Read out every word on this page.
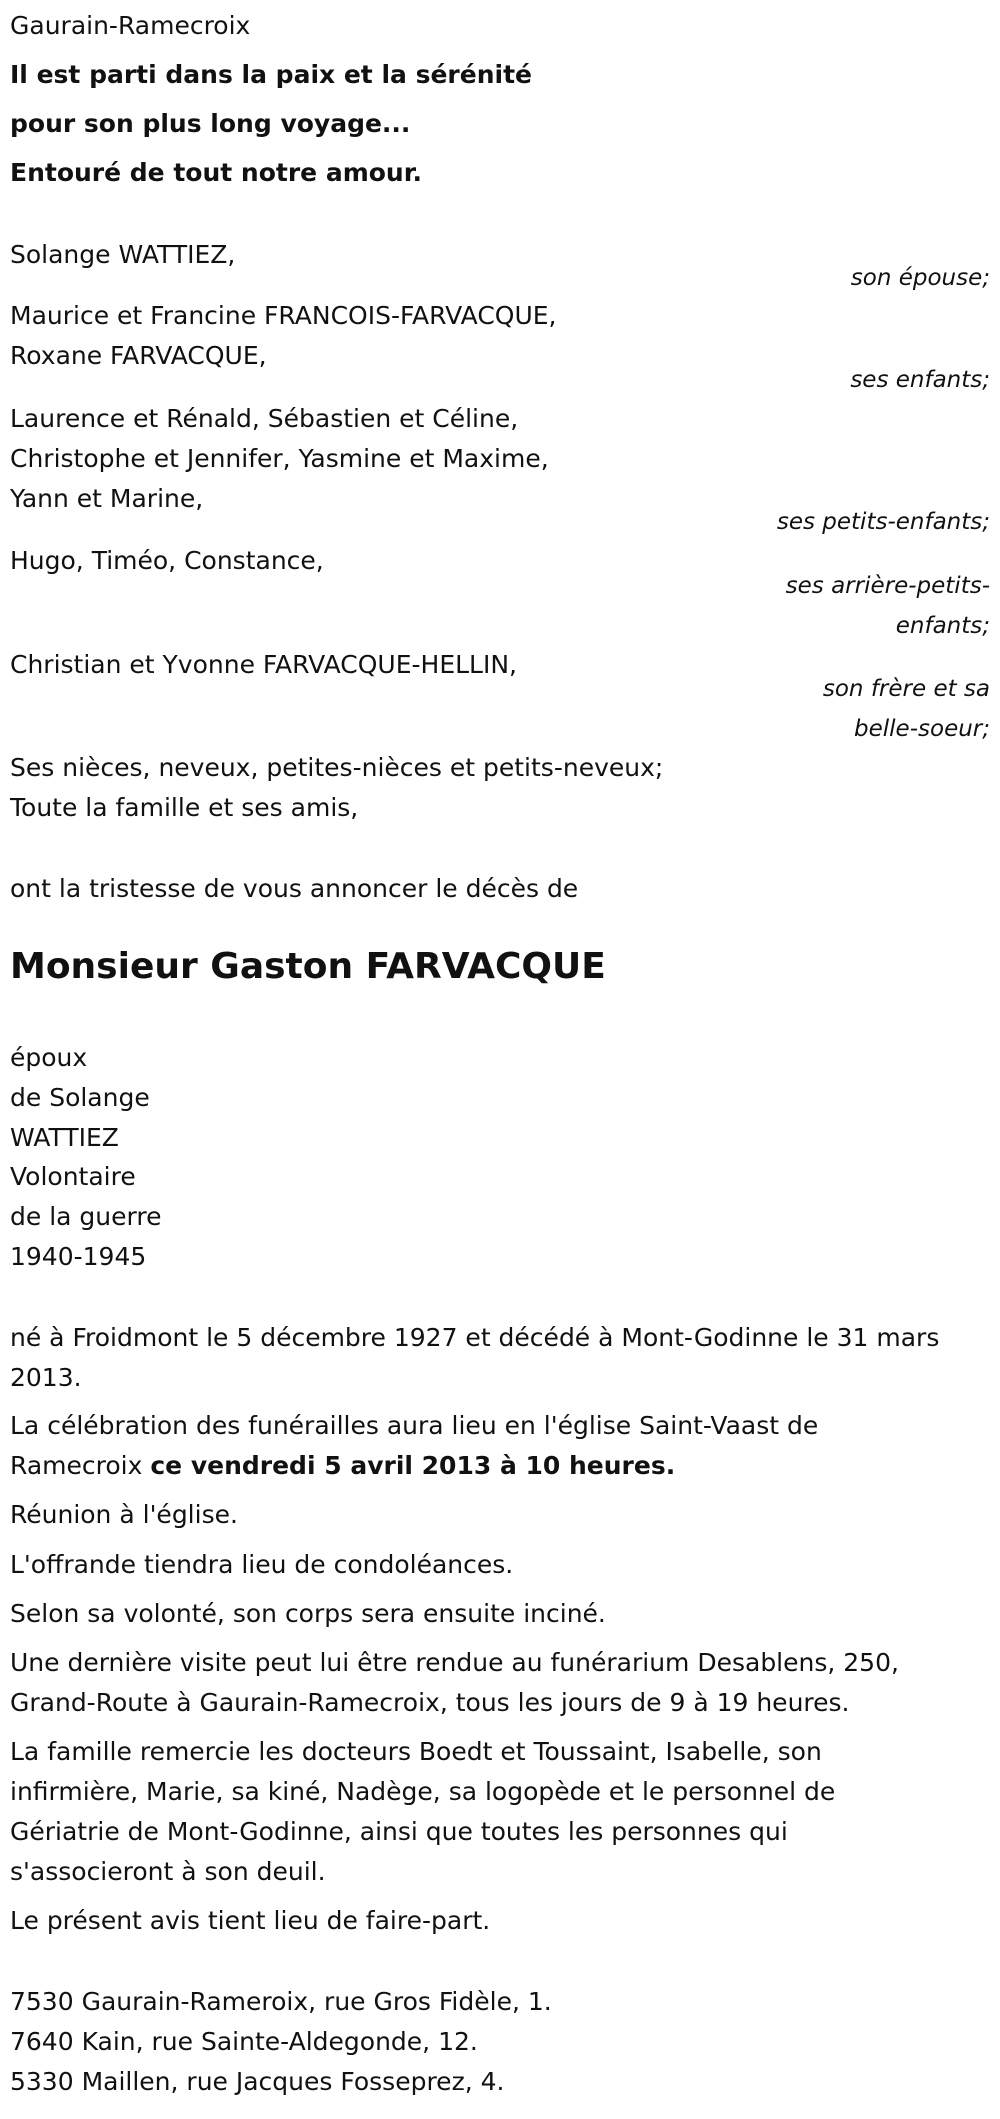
Gaurain-Ramecroix
Il est parti dans la paix et la sérénité
pour son plus long voyage...
Entouré de tout notre amour.
Solange WATTIEZ,
son épouse;
Maurice et Francine FRANCOIS-FARVACQUE,
Roxane FARVACQUE,
ses enfants;
Laurence et Rénald, Sébastien et Céline,
Christophe et Jennifer, Yasmine et Maxime,
Yann et Marine,
ses petits-enfants;
Hugo, Timéo, Constance,
ses arrière-petits-
enfants;
Christian et Yvonne FARVACQUE-HELLIN,
son frère et sa
belle-soeur;
Ses nièces, neveux, petites-nièces et petits-neveux;
Toute la famille et ses amis,
ont la tristesse de vous annoncer le décès de
Monsieur Gaston FARVACQUE
époux
de Solange
WATTIEZ
Volontaire
de la guerre
1940-1945
né à Froidmont le 5 décembre 1927 et décédé à Mont-Godinne le 31 mars
2013.
La célébration des funérailles aura lieu en l'église Saint-Vaast de
Ramecroix ce vendredi 5 avril 2013 à 10 heures.
Réunion à l'église.
L'offrande tiendra lieu de condoléances.
Selon sa volonté, son corps sera ensuite inciné.
Une dernière visite peut lui être rendue au funérarium Desablens, 250,
Grand-Route à Gaurain-Ramecroix, tous les jours de 9 à 19 heures.
La famille remercie les docteurs Boedt et Toussaint, Isabelle, son
infirmière, Marie, sa kiné, Nadège, sa logopède et le personnel de
Gériatrie de Mont-Godinne, ainsi que toutes les personnes qui
s'associeront à son deuil.
Le présent avis tient lieu de faire-part.
7530 Gaurain-Rameroix, rue Gros Fidèle, 1.
7640 Kain, rue Sainte-Aldegonde, 12.
5330 Maillen, rue Jacques Fosseprez, 4.
